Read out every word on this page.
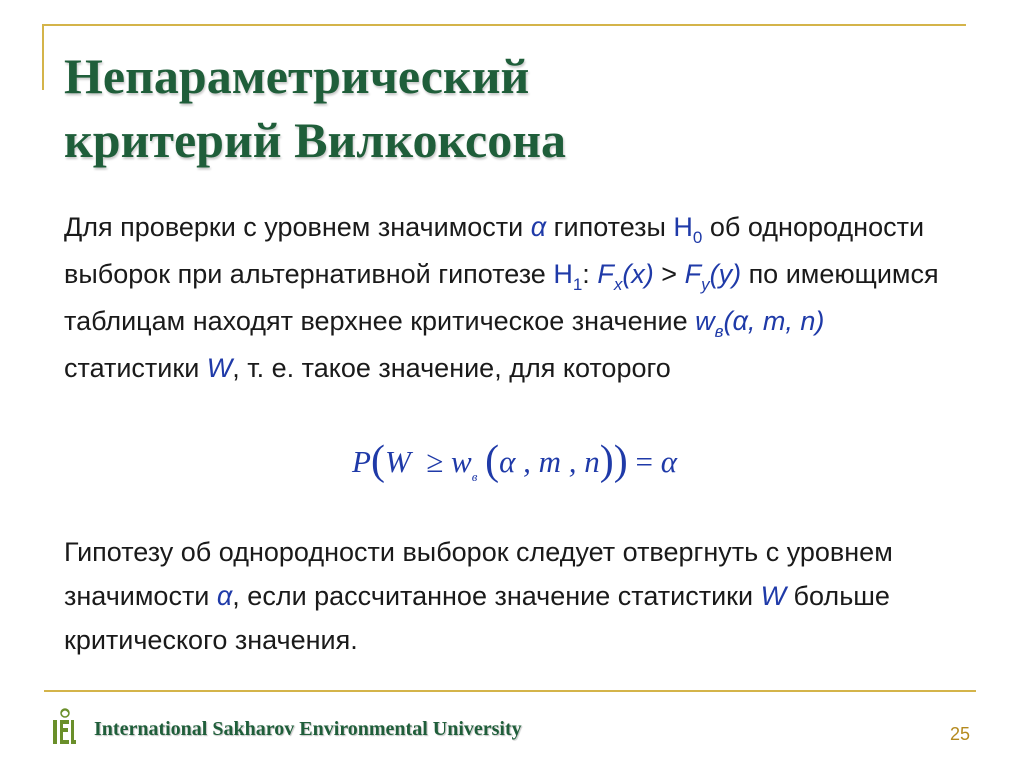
Непараметрический
критерий Вилкоксона

Для проверки с уровнем значимости α гипотезы $H_0$ об однородности выборок при альтернативной гипотезе $H_1$: $F_x(x) > F_y(y)$ по имеющимся таблицам находят верхнее критическое значение $w_в(\alpha$, m, n) статистики W, т. е. такое значение, для которого

$P(W \ge w_в$ (α , m , n)) = α

Гипотезу об однородности выборок следует отвергнуть с уровнем значимости α, если рассчитанное значение статистики W больше критического значения.

International Sakharov Environmental University	25
